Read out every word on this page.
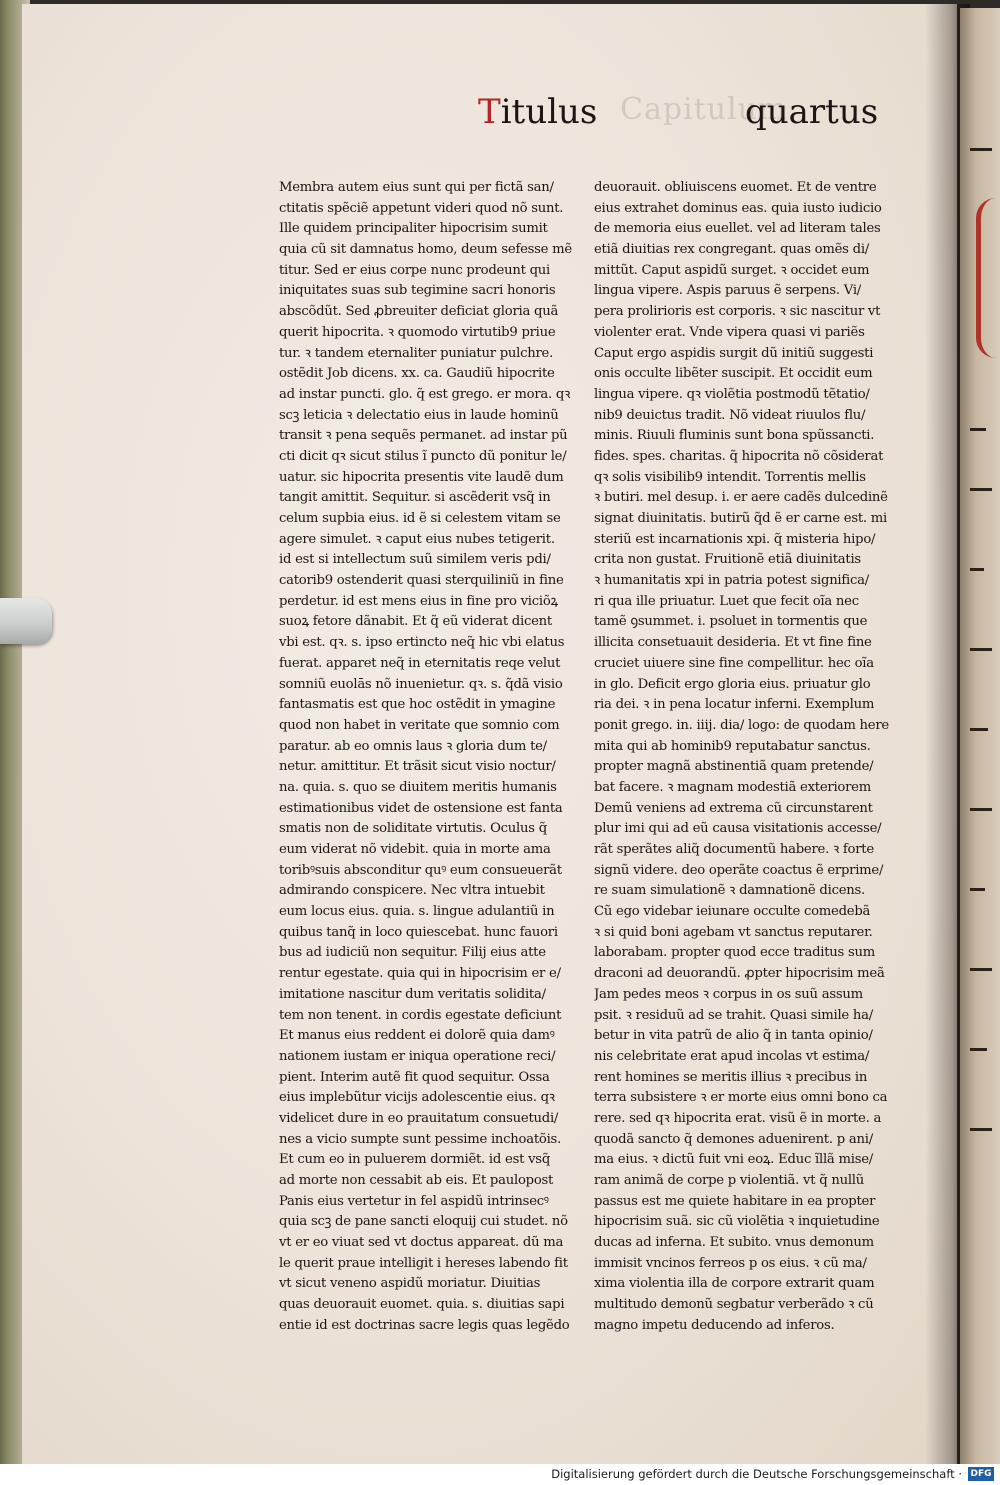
Capitulum
Titulus	quartus
Membra autem eius sunt qui per fictã san/
ctitatis spẽciẽ appetunt videri quod nõ sunt.
Ille quidem principaliter hipocrisim sumit
quia cũ sit damnatus homo, deum sefesse mẽ
titur. Sed er eius corpe nunc prodeunt qui
iniquitates suas sub tegimine sacri honoris
abscõdũt. Sed ꝓbreuiter deficiat gloria quã
querit hipocrita. ꝛ quomodo virtutib9 priue
tur. ꝛ tandem eternaliter puniatur pulchre.
ostẽdit Job dicens. xx. ca. Gaudiũ hipocrite
ad instar puncti. glo. q̃ est grego. er mora. qꝛ
scꝫ leticia ꝛ delectatio eius in laude hominũ
transit ꝛ pena sequẽs permanet. ad instar pũ
cti dicit qꝛ sicut stilus ĩ puncto dũ ponitur le/
uatur. sic hipocrita presentis vite laudẽ dum
tangit amittit. Sequitur. si ascẽderit vsq̃ in
celum supbia eius. id ẽ si celestem vitam se
agere simulet. ꝛ caput eius nubes tetigerit.
id est si intellectum suũ similem veris pdi/
catorib9 ostenderit quasi sterquiliniũ in fine
perdetur. id est mens eius in fine pro viciõꝝ
suoꝝ fetore dãnabit. Et q̃ eũ viderat dicent
vbi est. qꝛ. s. ipso ertincto neq̃ hic vbi elatus
fuerat. apparet neq̃ in eternitatis reqe velut
somniũ euolās nõ inuenietur. qꝛ. s. q̃dã visio
fantasmatis est que hoc ostẽdit in ymagine
quod non habet in veritate que somnio com
paratur. ab eo omnis laus ꝛ gloria dum te/
netur. amittitur. Et trãsit sicut visio noctur/
na. quia. s. quo se diuitem meritis humanis
estimationibus videt de ostensione est fanta
smatis non de soliditate virtutis. Oculus q̃
eum viderat nõ videbit. quia in morte ama
toribꝰsuis absconditur quꝰ eum consueuerãt
admirando conspicere. Nec vltra intuebit
eum locus eius. quia. s. lingue adulantiũ in
quibus tanq̃ in loco quiescebat. hunc fauori
bus ad iudiciũ non sequitur. Filij eius atte
rentur egestate. quia qui in hipocrisim er e/
imitatione nascitur dum veritatis solidita/
tem non tenent. in cordis egestate deficiunt
Et manus eius reddent ei dolorẽ quia damꝰ
nationem iustam er iniqua operatione reci/
pient. Interim autẽ fit quod sequitur. Ossa
eius implebũtur vicijs adolescentie eius. qꝛ
videlicet dure in eo prauitatum consuetudi/
nes a vicio sumpte sunt pessime inchoatõis.
Et cum eo in puluerem dormiẽt. id est vsq̃
ad morte non cessabit ab eis. Et paulopost
Panis eius vertetur in fel aspidũ intrinsecꝰ
quia scꝫ de pane sancti eloquij cui studet. nõ
vt er eo viuat sed vt doctus appareat. dũ ma
le querit praue intelligit i hereses labendo fit
vt sicut veneno aspidũ moriatur. Diuitias
quas deuorauit euomet. quia. s. diuitias sapi
entie id est doctrinas sacre legis quas legẽdo
deuorauit. obliuiscens euomet. Et de ventre
eius extrahet dominus eas. quia iusto iudicio
de memoria eius euellet. vel ad literam tales
etiã diuitias rex congregant. quas omẽs di/
mittũt. Caput aspidũ surget. ꝛ occidet eum
lingua vipere. Aspis paruus ẽ serpens. Vi/
pera prolirioris est corporis. ꝛ sic nascitur vt
violenter erat. Vnde vipera quasi vi pariẽs
Caput ergo aspidis surgit dũ initiũ suggesti
onis occulte libẽter suscipit. Et occidit eum
lingua vipere. qꝛ violẽtia postmodũ tẽtatio/
nib9 deuictus tradit. Nõ videat riuulos flu/
minis. Riuuli fluminis sunt bona spũssancti.
fides. spes. charitas. q̃ hipocrita nõ cõsiderat
qꝛ solis visibilib9 intendit. Torrentis mellis
ꝛ butiri. mel desup. i. er aere cadẽs dulcedinẽ
signat diuinitatis. butirũ q̃d ẽ er carne est. mi
steriũ est incarnationis xpi. q̃ misteria hipo/
crita non gustat. Fruitionẽ etiã diuinitatis
ꝛ humanitatis xpi in patria potest significa/
ri qua ille priuatur. Luet que fecit oĩa nec
tamẽ ꝯsummet. i. psoluet in tormentis que
illicita consetuauit desideria. Et vt fine fine
cruciet uiuere sine fine compellitur. hec oĩa
in glo. Deficit ergo gloria eius. priuatur glo
ria dei. ꝛ in pena locatur inferni. Exemplum
ponit grego. in. iiij. dia/ logo: de quodam here
mita qui ab hominib9 reputabatur sanctus.
propter magnã abstinentiã quam pretende/
bat facere. ꝛ magnam modestiã exteriorem
Demũ veniens ad extrema cũ circunstarent
plur imi qui ad eũ causa visitationis accesse/
rãt sperãtes aliq̃ documentũ habere. ꝛ forte
signũ videre. deo operãte coactus ẽ erprime/
re suam simulationẽ ꝛ damnationẽ dicens.
Cũ ego videbar ieiunare occulte comedebã
ꝛ si quid boni agebam vt sanctus reputarer.
laborabam. propter quod ecce traditus sum
draconi ad deuorandũ. ꝓpter hipocrisim meã
Jam pedes meos ꝛ corpus in os suũ assum
psit. ꝛ residuũ ad se trahit. Quasi simile ha/
betur in vita patrũ de alio q̃ in tanta opinio/
nis celebritate erat apud incolas vt estima/
rent homines se meritis illius ꝛ precibus in
terra subsistere ꝛ er morte eius omni bono ca
rere. sed qꝛ hipocrita erat. visũ ẽ in morte. a
quodã sancto q̃ demones aduenirent. p ani/
ma eius. ꝛ dictũ fuit vni eoꝝ. Educ ĩllã mise/
ram animã de corpe p violentiã. vt q̃ nullũ
passus est me quiete habitare in ea propter
hipocrisim suã. sic cũ violẽtia ꝛ inquietudine
ducas ad inferna. Et subito. vnus demonum
immisit vncinos ferreos p os eius. ꝛ cũ ma/
xima violentia illa de corpore extrarit quam
multitudo demonũ segbatur verberãdo ꝛ cũ
magno impetu deducendo ad inferos.
Digitalisierung gefördert durch die Deutsche Forschungsgemeinschaft · DFG
